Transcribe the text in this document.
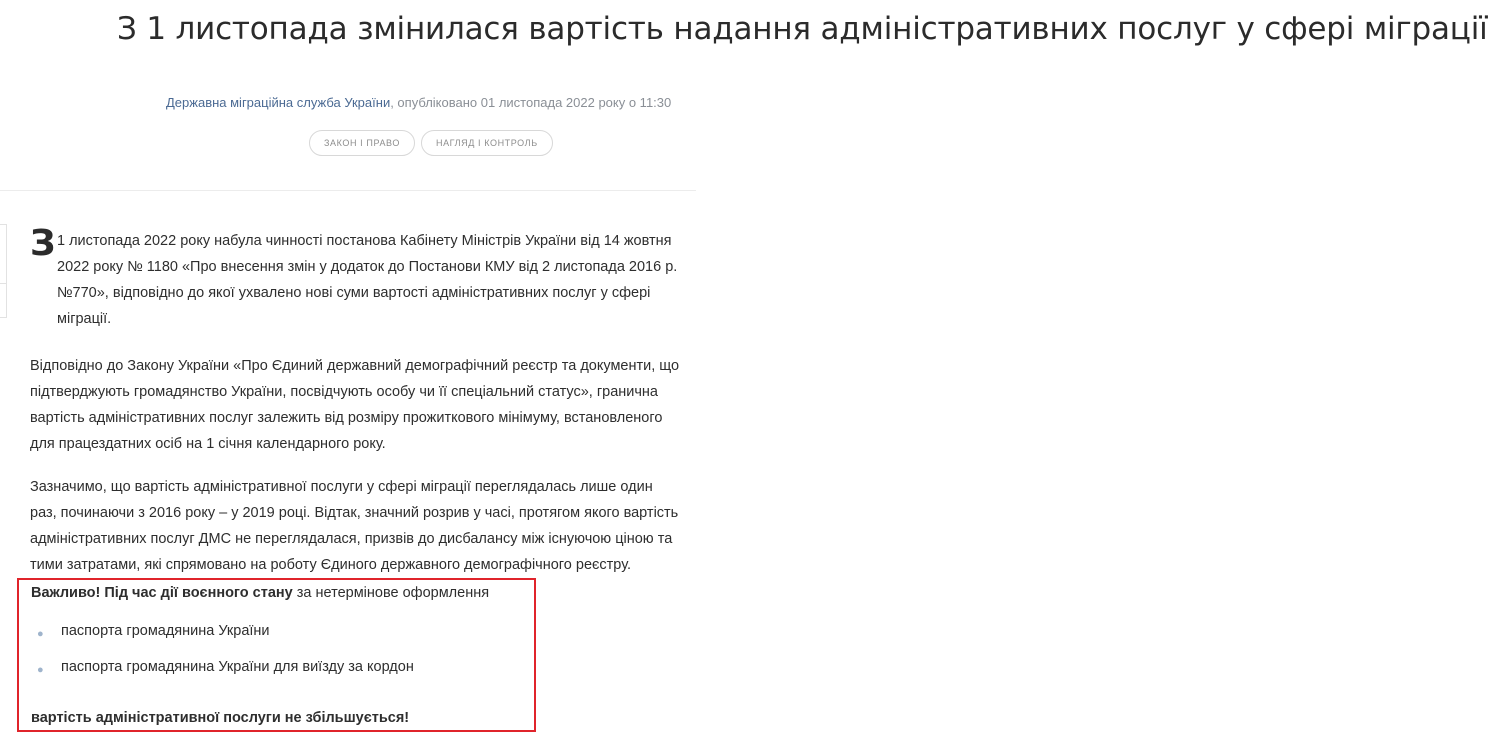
З 1 листопада змінилася вартість надання адміністративних послуг у сфері міграції
Державна міграційна служба України, опубліковано 01 листопада 2022 року о 11:30
ЗАКОН І ПРАВО	НАГЛЯД І КОНТРОЛЬ

З 1 листопада 2022 року набула чинності постанова Кабінету Міністрів України від 14 жовтня 2022 року № 1180 «Про внесення змін у додаток до Постанови КМУ від 2 листопада 2016 р. №770», відповідно до якої ухвалено нові суми вартості адміністративних послуг у сфері міграції.

Відповідно до Закону України «Про Єдиний державний демографічний реєстр та документи, що підтверджують громадянство України, посвідчують особу чи її спеціальний статус», гранична вартість адміністративних послуг залежить від розміру прожиткового мінімуму, встановленого для працездатних осіб на 1 січня календарного року.

Зазначимо, що вартість адміністративної послуги у сфері міграції переглядалась лише один раз, починаючи з 2016 року – у 2019 році. Відтак, значний розрив у часі, протягом якого вартість адміністративних послуг ДМС не переглядалася, призвів до дисбалансу між існуючою ціною та тими затратами, які спрямовано на роботу Єдиного державного демографічного реєстру.

Важливо! Під час дії воєнного стану за нетермінове оформлення
● паспорта громадянина України
● паспорта громадянина України для виїзду за кордон
вартість адміністративної послуги не збільшується!
